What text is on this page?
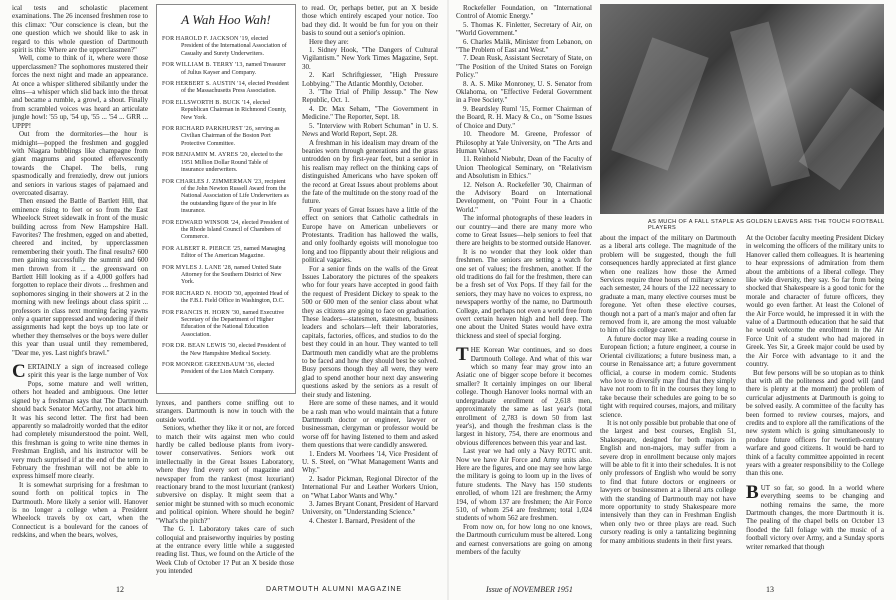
ical tests and scholastic placement examinations. The 26 incensed freshmen rose to this climax: "Our conscience is clean, but the one question which we should like to ask in regard to this whole question of Dartmouth spirit is this: Where are the upperclassmen?"

Well, come to think of it, where were those upperclassmen? The sophomores mustered their forces the next night and made an appearance. At once a whisper slithered sibilantly under the elms—a whisper which slid back into the throat and became a rumble, a growl, a shout. Finally from scrambled voices was heard an articulate jungle howl: '55 up, '54 up, '55 ... '54 ... GRR ... UPPP!

Out from the dormitories—the hour is midnight—popped the freshmen and goggled with Niagara bubblings like champagne from giant magnums and spouted effervescently towards the Chapel. The bells, rung spasmodically and frenziedly, drew out juniors and seniors in various stages of pajamaed and overcoated disarray.

Then ensued the Battle of Bartlett Hill, that eminence rising to feet or so from the East Wheelock Street sidewalk in front of the music building across from New Hampshire Hall. Favorites? The freshmen, egged on and abetted, cheered and incited, by upperclassmen remembering their youth. The final results? 600 men gaining successfully the summit and 600 men thrown from it ... the greensward on Bartlett Hill looking as if a 4,000 golfers had forgotten to replace their divots ... freshmen and sophomores singing in their showers at 2 in the morning with new feelings about class spirit ... professors in class next morning facing yawns only a quarter suppressed and wondering if their assignments had kept the boys up too late or whether they themselves or the boys were duller this year than usual until they remembered, "Dear me, yes. Last night's brawl."

CERTAINLY a sign of increased college spirit this year is the large number of Vox Pops, some mature and well written, others hot headed and ambiguous. One letter signed by a freshman says that The Dartmouth should back Senator McCarthy, not attack him. It was his second letter. The first had been apparently so maladroitly worded that the editor had completely misunderstood the point. Well, this freshman is going to write nine themes in Freshman English, and his instructor will be very much surprised if at the end of the term in February the freshman will not be able to express himself more clearly.

It is somewhat surprising for a freshman to sound forth on political topics in The Dartmouth. More likely a senior will. Hanover is no longer a college when a President Wheelock travels by ox cart, when the Connecticut is a boulevard for the canoes of redskins, and when the bears, wolves,

A Wah Hoo Wah!
FOR HAROLD F. JACKSON '19, elected President of the International Association of Casualty and Surety Underwriters.
FOR WILLIAM B. TERRY '13, named Treasurer of Julius Kayser and Company.
FOR HERBERT S. AUSTIN '14, elected President of the Massachusetts Press Association.
FOR ELLSWORTH B. BUCK '14, elected Republican Chairman in Richmond County, New York.
FOR RICHARD PARKHURST '26, serving as Civilian Chairman of the Boston Port Protective Committee.
FOR BENJAMIN M. AYRES '20, elected to the 1951 Million Dollar Round Table of insurance underwriters.
FOR CHARLES J. ZIMMERMAN '23, recipient of the John Newton Russell Award from the National Association of Life Underwriters as the outstanding figure of the year in life insurance.
FOR EDWARD WINSOR '24, elected President of the Rhode Island Council of Chambers of Commerce.
FOR ALBERT R. PIERCE '25, named Managing Editor of The American Magazine.
FOR MYLES J. LANE '28, named United State Attorney for the Southern District of New York.
FOR RICHARD N. HOOD '30, appointed Head of the F.B.I. Field Office in Washington, D.C.
FOR FRANCIS H. HORN '30, named Executive Secretary of the Department of Higher Education of the National Education Association.
FOR DR. BEAN LEWIS '30, elected President of the New Hampshire Medical Society.
FOR MONROE GREENBAUM '36, elected President of the Lion Match Company.

lynxes, and panthers come sniffing out to strangers. Dartmouth is now in touch with the outside world.

Seniors, whether they like it or not, are forced to match their wits against men who could hardly be called bedlouse plants from ivory-tower conservatives. Seniors work out intellectually in the Great Issues Laboratory, where they find every sort of magazine and newspaper from the rankest (most luxuriant) reactionary brand to the most luxuriant (rankest) subversive on display. It might seem that a senior might be stunned with so much economic and political opinion. Where should he begin? "What's the pitch?"

The G. I. Laboratory takes care of such colloquial and praiseworthy inquiries by posting at the entrance every little while a suggested reading list. Thus, we found on the Article of the Week Club of October 1? Put an X beside those you intended

to read. Or, perhaps better, put an X beside those which entirely escaped your notice. Too bad they did. It would be fun for you on their basis to sound out a senior's opinion.

Here they are:

1. Sidney Hook, "The Dangers of Cultural Vigilantism." New York Times Magazine, Sept. 30.

2. Karl Schriftgiesser, "High Pressure Lobbying." The Atlantic Monthly, October.

3. "The Trial of Philip Jessup." The New Republic, Oct. 1.

4. Dr. Max Seham, "The Government in Medicine." The Reporter, Sept. 18.

5. "Interview with Robert Schuman" in U. S. News and World Report, Sept. 28.

A freshman in his idealism may dream of the beanies worn through generations and the grass untrodden on by first-year feet, but a senior in his realism may reflect on the thinking caps of distinguished Americans who have spoken off the record at Great Issues about problems about the fate of the multitude on the stony road of the future.

Four years of Great Issues have a little of the effect on seniors that Catholic cathedrals in Europe have on American unbelievers or Protestants. Tradition has hallowed the walls, and only foolhardy egoists will monologue too long and too flippantly about their religious and political vagaries.

For a senior finds on the walls of the Great Issues Laboratory the pictures of the speakers who for four years have accepted in good faith the request of President Dickey to speak to the 500 or 600 men of the senior class about what they as citizens are going to face on graduation. These leaders—statesmen, statesmen, business leaders and scholars—left their laboratories, capitals, factories, offices, and studios to do the best they could in an hour. They wanted to tell Dartmouth men candidly what are the problems to be faced and how they should best be solved. Busy persons though they all were, they were glad to spend another hour next day answering questions asked by the seniors as a result of their study and listening.

Here are some of these names, and it would be a rash man who would maintain that a future Dartmouth doctor or engineer, lawyer or businessman, clergyman or professor would be worse off for having listened to them and asked them questions that were candidly answered.

1. Enders M. Voorhees '14, Vice President of U. S. Steel, on "What Management Wants and Why."

2. Isador Pickman, Regional Director of the International Fur and Leather Workers Union, on "What Labor Wants and Why."

3. James Bryant Conant, President of Harvard University, on "Understanding Science."

4. Chester I. Barnard, President of the

12	DARTMOUTH ALUMNI MAGAZINE

Rockefeller Foundation, on "International Control of Atomic Energy."

5. Thomas K. Finletter, Secretary of Air, on "World Government."

6. Charles Malik, Minister from Lebanon, on "The Problem of East and West."

7. Dean Rusk, Assistant Secretary of State, on "The Position of the United States on Foreign Policy."

8. A. S. Mike Monroney, U. S. Senator from Oklahoma, on "Effective Federal Government in a Free Society."

9. Beardsley Ruml '15, Former Chairman of the Board, R. H. Macy & Co., on "Some Issues of Choice and Duty."

10. Theodore M. Greene, Professor of Philosophy at Yale University, on "The Arts and Human Values."

11. Reinhold Niebuhr, Dean of the Faculty of Union Theological Seminary, on "Relativism and Absolutism in Ethics."

12. Nelson A. Rockefeller '30, Chairman of the Advisory Board on International Development, on "Point Four in a Chaotic World."

The informal photographs of these leaders in our country—and there are many more who come to Great Issues—help seniors to feel that there are heights to be stormed outside Hanover.

It is no wonder that they look older than freshmen. The seniors are setting a watch for one set of values; the freshmen, another. If the old traditions do fail for the freshmen, there can be a fresh set of Vox Pops. If they fail for the seniors, they may have no voices to express, no newspapers worthy of the name, no Dartmouth College, and perhaps not even a world free from overt certain heaven high and hell deep. The one about the United States would have extra thickness and steel of special forging.

THE Korean War continues, and so does Dartmouth College. And what of this war which so many fear may grow into an Asiatic one of bigger scope before it becomes smaller? It certainly impinges on our liberal college. Though Hanover looks normal with an undergraduate enrollment of 2,618 men, approximately the same as last year's (total enrollment of 2,783 is down 50 from last year's), and though the freshman class is the largest in history, 754, there are enormous and obvious differences between this year and last.

Last year we had only a Navy ROTC unit. Now we have Air Force and Army units also. Here are the figures, and one may see how large the military is going to loom up in the lives of future students. The Navy has 150 students enrolled, of whom 121 are freshmen; the Army 194, of whom 137 are freshmen; the Air Force 510, of whom 254 are freshmen; total 1,024 students of whom 562 are freshmen.

From now on, for how long no one knows, the Dartmouth curriculum must be altered. Long and earnest conversations are going on among members of the faculty

AS MUCH OF A FALL STAPLE AS GOLDEN LEAVES ARE THE TOUCH FOOTBALL PLAYERS

about the impact of the military on Dartmouth as a liberal arts college. The magnitude of the problem will be suggested, though the full consequences hardly appreciated at first glance when one realizes how those the Armed Services require three hours of military science each semester, 24 hours of the 122 necessary to graduate a man, many elective courses must be foregone. Yet often these elective courses, though not a part of a man's major and often far removed from it, are among the most valuable to him of his college career.

A future doctor may like a reading course in European fiction; a future engineer, a course in Oriental civilizations; a future business man, a course in Renaissance art; a future government official, a course in modern comic. Students who love to diversify may find that they simply have not room to fit in the courses they long to take because their schedules are going to be so tight with required courses, majors, and military science.

It is not only possible but probable that one of the largest and best courses, English 51, Shakespeare, designed for both majors in English and non-majors, may suffer from a severe drop in enrollment because only majors will be able to fit it into their schedules. It is not only professors of English who would be sorry to find that future doctors or engineers or lawyers or businessmen at a liberal arts college with the standing of Dartmouth may not have more opportunity to study Shakespeare more intensively than they can in Freshman English when only two or three plays are read. Such cursory reading is only a tantalizing beginning for many ambitious students in their first years.

At the October faculty meeting President Dickey in welcoming the officers of the military units to Hanover called them colleagues. It is heartening to hear expressions of admiration from them about the ambitions of a liberal college. They like wide diversity, they say. So far from being shocked that Shakespeare is a good tonic for the morale and character of future officers, they would go even farther. At least the Colonel of the Air Force would, he impressed it in with the value of a Dartmouth education that he said that he would welcome the enrollment in the Air Force Unit of a student who had majored in Greek. Yes Sir, a Greek major could be used by the Air Force with advantage to it and the country.

But few persons will be so utopian as to think that with all the politeness and good will (and there is plenty at the moment) the problem of curricular adjustments at Dartmouth is going to be solved easily. A committee of the faculty has been formed to review courses, majors, and credits and to explore all the ramifications of the new system which is going simultaneously to produce future officers for twentieth-century warfare and good citizens. It would be hard to think of a faculty committee appointed in recent years with a greater responsibility to the College than this one.

BUT so far, so good. In a world where everything seems to be changing and nothing remains the same, the more Dartmouth changes, the more Dartmouth it is. The pealing of the chapel bells on October 13 flooded the fall foliage with the music of a football victory over Army, and a Sunday sports writer remarked that though

Issue of NOVEMBER 1951	13
